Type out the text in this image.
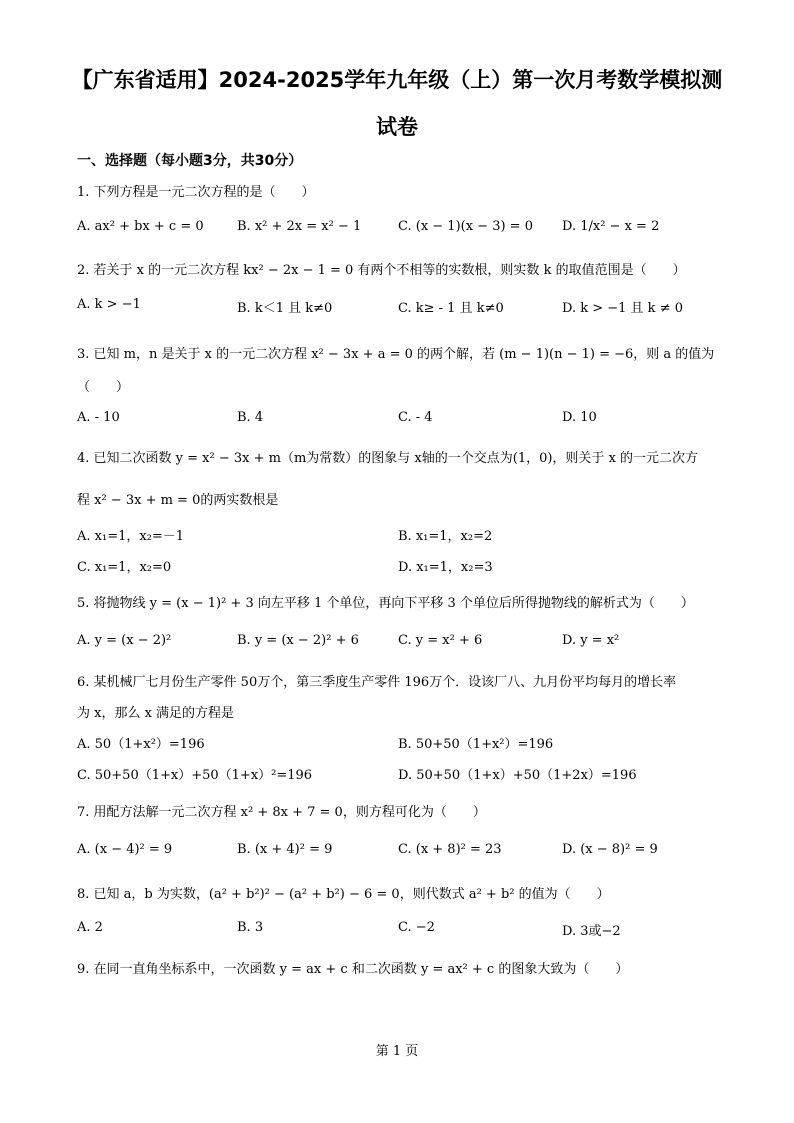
【广东省适用】2024-2025学年九年级（上）第一次月考数学模拟测
试卷
一、选择题（每小题3分，共30分）
1. 下列方程是一元二次方程的是（　　）
A. ax² + bx + c = 0	B. x² + 2x = x² − 1	C. (x − 1)(x − 3) = 0 D. 1/x² − x = 2
2. 若关于 x 的一元二次方程 kx² − 2x − 1 = 0 有两个不相等的实数根，则实数 k 的取值范围是（　　）
A. k > −1	B. k＜1 且 k≠0	C. k≥ - 1 且 k≠0	D. k > −1 且 k ≠ 0
3. 已知 m，n 是关于 x 的一元二次方程 x² − 3x + a = 0 的两个解，若 (m − 1)(n − 1) = −6，则 a 的值为
（　　）
A. - 10	B. 4	C. - 4	D. 10
4. 已知二次函数 y = x² − 3x + m（m为常数）的图象与 x轴的一个交点为(1，0)，则关于 x 的一元二次方
程 x² − 3x + m = 0的两实数根是
A. x₁=1，x₂=－1	B. x₁=1，x₂=2
C. x₁=1，x₂=0	D. x₁=1，x₂=3
5. 将抛物线 y = (x − 1)² + 3 向左平移 1 个单位，再向下平移 3 个单位后所得抛物线的解析式为（　　）
A. y = (x − 2)²	B. y = (x − 2)² + 6	C. y = x² + 6	D. y = x²
6. 某机械厂七月份生产零件 50万个，第三季度生产零件 196万个．设该厂八、九月份平均每月的增长率
为 x，那么 x 满足的方程是
A. 50（1+x²）=196	B. 50+50（1+x²）=196
C. 50+50（1+x）+50（1+x）²=196	D. 50+50（1+x）+50（1+2x）=196
7. 用配方法解一元二次方程 x² + 8x + 7 = 0，则方程可化为（　　）
A. (x − 4)² = 9	B. (x + 4)² = 9	C. (x + 8)² = 23	D. (x − 8)² = 9
8. 已知 a，b 为实数，(a² + b²)² − (a² + b²) − 6 = 0，则代数式 a² + b² 的值为（　　）
A. 2	B. 3	C. −2	D. 3或−2
9. 在同一直角坐标系中，一次函数 y = ax + c 和二次函数 y = ax² + c 的图象大致为（　　）
第 1 页
